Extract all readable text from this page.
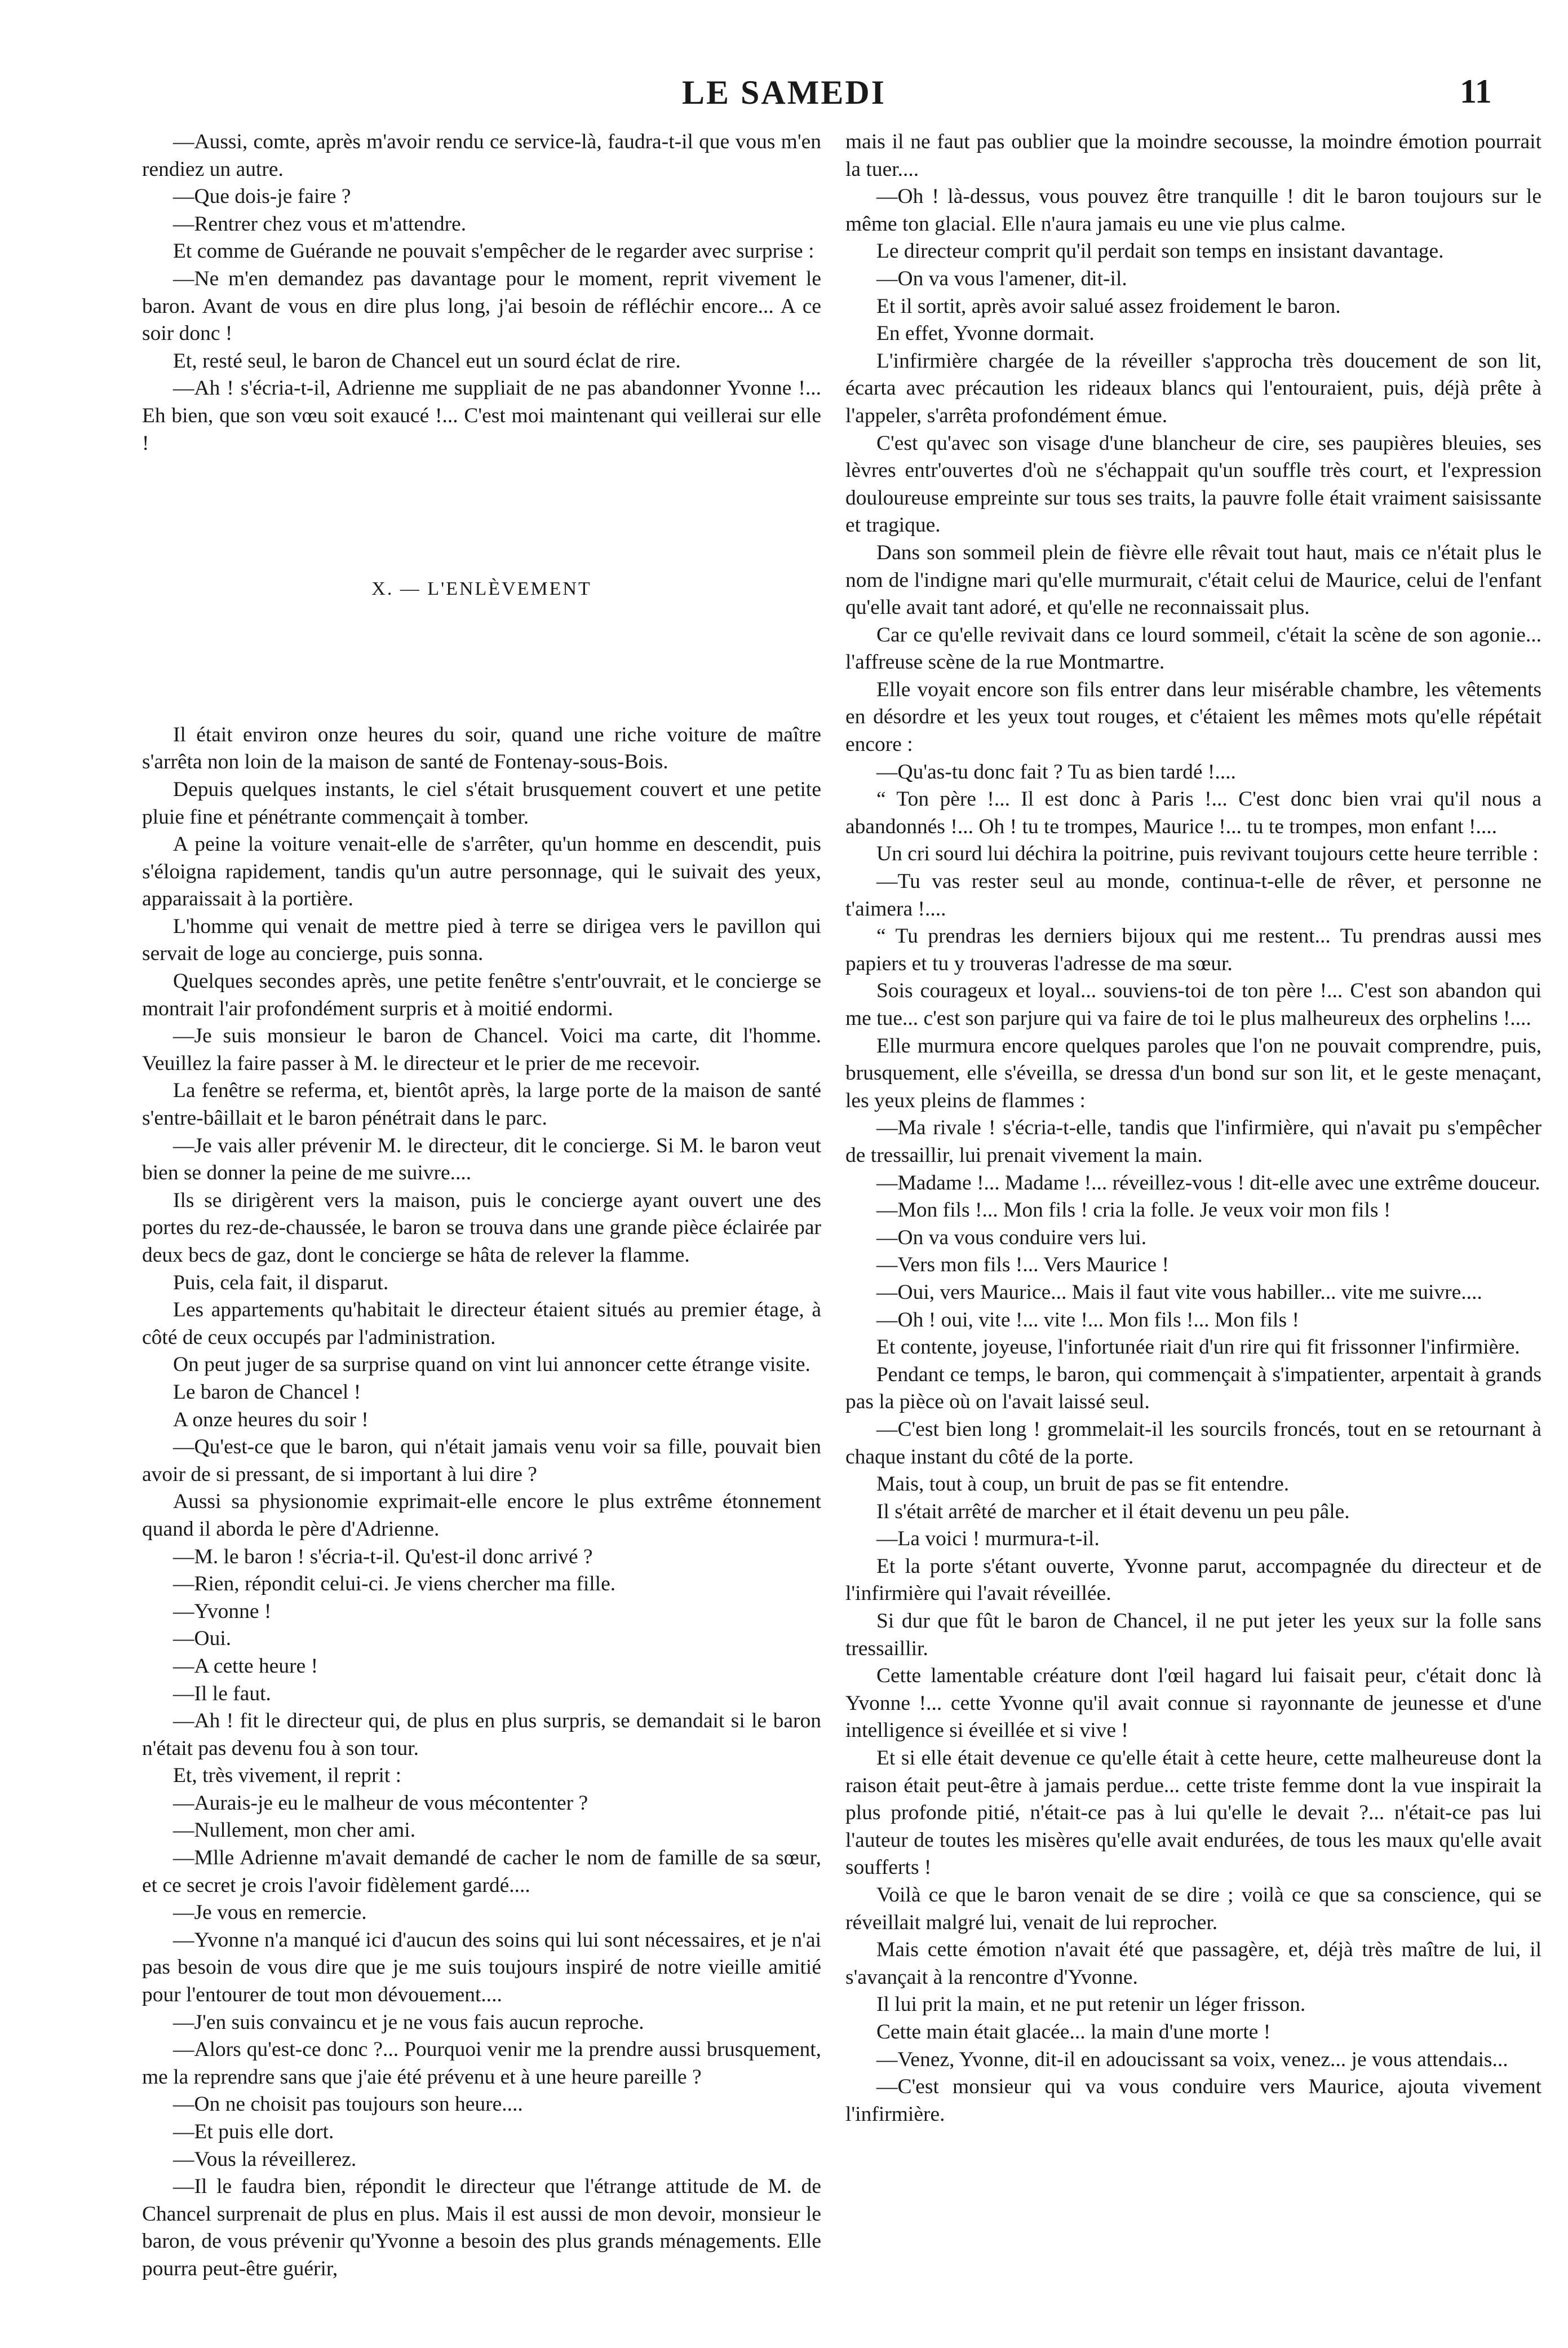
LE SAMEDI	11

—Aussi, comte, après m'avoir rendu ce service-là, faudra-t-il que vous m'en rendiez un autre.

—Que dois-je faire ?

—Rentrer chez vous et m'attendre.

Et comme de Guérande ne pouvait s'empêcher de le regarder avec surprise :

—Ne m'en demandez pas davantage pour le moment, reprit vivement le baron. Avant de vous en dire plus long, j'ai besoin de réfléchir encore... A ce soir donc !

Et, resté seul, le baron de Chancel eut un sourd éclat de rire.

—Ah ! s'écria-t-il, Adrienne me suppliait de ne pas abandonner Yvonne !... Eh bien, que son vœu soit exaucé !... C'est moi maintenant qui veillerai sur elle !

X. — L'ENLÈVEMENT

Il était environ onze heures du soir, quand une riche voiture de maître s'arrêta non loin de la maison de santé de Fontenay-sous-Bois.

Depuis quelques instants, le ciel s'était brusquement couvert et une petite pluie fine et pénétrante commençait à tomber.

A peine la voiture venait-elle de s'arrêter, qu'un homme en descendit, puis s'éloigna rapidement, tandis qu'un autre personnage, qui le suivait des yeux, apparaissait à la portière.

L'homme qui venait de mettre pied à terre se dirigea vers le pavillon qui servait de loge au concierge, puis sonna.

Quelques secondes après, une petite fenêtre s'entr'ouvrait, et le concierge se montrait l'air profondément surpris et à moitié endormi.

—Je suis monsieur le baron de Chancel. Voici ma carte, dit l'homme. Veuillez la faire passer à M. le directeur et le prier de me recevoir.

La fenêtre se referma, et, bientôt après, la large porte de la maison de santé s'entre-bâillait et le baron pénétrait dans le parc.

—Je vais aller prévenir M. le directeur, dit le concierge. Si M. le baron veut bien se donner la peine de me suivre....

Ils se dirigèrent vers la maison, puis le concierge ayant ouvert une des portes du rez-de-chaussée, le baron se trouva dans une grande pièce éclairée par deux becs de gaz, dont le concierge se hâta de relever la flamme.

Puis, cela fait, il disparut.

Les appartements qu'habitait le directeur étaient situés au premier étage, à côté de ceux occupés par l'administration.

On peut juger de sa surprise quand on vint lui annoncer cette étrange visite.

Le baron de Chancel !

A onze heures du soir !

—Qu'est-ce que le baron, qui n'était jamais venu voir sa fille, pouvait bien avoir de si pressant, de si important à lui dire ?

Aussi sa physionomie exprimait-elle encore le plus extrême étonnement quand il aborda le père d'Adrienne.

—M. le baron ! s'écria-t-il. Qu'est-il donc arrivé ?

—Rien, répondit celui-ci. Je viens chercher ma fille.

—Yvonne !

—Oui.

—A cette heure !

—Il le faut.

—Ah ! fit le directeur qui, de plus en plus surpris, se demandait si le baron n'était pas devenu fou à son tour.

Et, très vivement, il reprit :

—Aurais-je eu le malheur de vous mécontenter ?

—Nullement, mon cher ami.

—Mlle Adrienne m'avait demandé de cacher le nom de famille de sa sœur, et ce secret je crois l'avoir fidèlement gardé....

—Je vous en remercie.

—Yvonne n'a manqué ici d'aucun des soins qui lui sont nécessaires, et je n'ai pas besoin de vous dire que je me suis toujours inspiré de notre vieille amitié pour l'entourer de tout mon dévouement....

—J'en suis convaincu et je ne vous fais aucun reproche.

—Alors qu'est-ce donc ?... Pourquoi venir me la prendre aussi brusquement, me la reprendre sans que j'aie été prévenu et à une heure pareille ?

—On ne choisit pas toujours son heure....

—Et puis elle dort.

—Vous la réveillerez.

—Il le faudra bien, répondit le directeur que l'étrange attitude de M. de Chancel surprenait de plus en plus. Mais il est aussi de mon devoir, monsieur le baron, de vous prévenir qu'Yvonne a besoin des plus grands ménagements. Elle pourra peut-être guérir,

mais il ne faut pas oublier que la moindre secousse, la moindre émotion pourrait la tuer....

—Oh ! là-dessus, vous pouvez être tranquille ! dit le baron toujours sur le même ton glacial. Elle n'aura jamais eu une vie plus calme.

Le directeur comprit qu'il perdait son temps en insistant davantage.

—On va vous l'amener, dit-il.

Et il sortit, après avoir salué assez froidement le baron.

En effet, Yvonne dormait.

L'infirmière chargée de la réveiller s'approcha très doucement de son lit, écarta avec précaution les rideaux blancs qui l'entouraient, puis, déjà prête à l'appeler, s'arrêta profondément émue.

C'est qu'avec son visage d'une blancheur de cire, ses paupières bleuies, ses lèvres entr'ouvertes d'où ne s'échappait qu'un souffle très court, et l'expression douloureuse empreinte sur tous ses traits, la pauvre folle était vraiment saisissante et tragique.

Dans son sommeil plein de fièvre elle rêvait tout haut, mais ce n'était plus le nom de l'indigne mari qu'elle murmurait, c'était celui de Maurice, celui de l'enfant qu'elle avait tant adoré, et qu'elle ne reconnaissait plus.

Car ce qu'elle revivait dans ce lourd sommeil, c'était la scène de son agonie... l'affreuse scène de la rue Montmartre.

Elle voyait encore son fils entrer dans leur misérable chambre, les vêtements en désordre et les yeux tout rouges, et c'étaient les mêmes mots qu'elle répétait encore :

—Qu'as-tu donc fait ? Tu as bien tardé !....

“ Ton père !... Il est donc à Paris !... C'est donc bien vrai qu'il nous a abandonnés !... Oh ! tu te trompes, Maurice !... tu te trompes, mon enfant !....

Un cri sourd lui déchira la poitrine, puis revivant toujours cette heure terrible :

—Tu vas rester seul au monde, continua-t-elle de rêver, et personne ne t'aimera !....

“ Tu prendras les derniers bijoux qui me restent... Tu prendras aussi mes papiers et tu y trouveras l'adresse de ma sœur.

Sois courageux et loyal... souviens-toi de ton père !... C'est son abandon qui me tue... c'est son parjure qui va faire de toi le plus malheureux des orphelins !....

Elle murmura encore quelques paroles que l'on ne pouvait comprendre, puis, brusquement, elle s'éveilla, se dressa d'un bond sur son lit, et le geste menaçant, les yeux pleins de flammes :

—Ma rivale ! s'écria-t-elle, tandis que l'infirmière, qui n'avait pu s'empêcher de tressaillir, lui prenait vivement la main.

—Madame !... Madame !... réveillez-vous ! dit-elle avec une extrême douceur.

—Mon fils !... Mon fils ! cria la folle. Je veux voir mon fils !

—On va vous conduire vers lui.

—Vers mon fils !... Vers Maurice !

—Oui, vers Maurice... Mais il faut vite vous habiller... vite me suivre....

—Oh ! oui, vite !... vite !... Mon fils !... Mon fils !

Et contente, joyeuse, l'infortunée riait d'un rire qui fit frissonner l'infirmière.

Pendant ce temps, le baron, qui commençait à s'impatienter, arpentait à grands pas la pièce où on l'avait laissé seul.

—C'est bien long ! grommelait-il les sourcils froncés, tout en se retournant à chaque instant du côté de la porte.

Mais, tout à coup, un bruit de pas se fit entendre.

Il s'était arrêté de marcher et il était devenu un peu pâle.

—La voici ! murmura-t-il.

Et la porte s'étant ouverte, Yvonne parut, accompagnée du directeur et de l'infirmière qui l'avait réveillée.

Si dur que fût le baron de Chancel, il ne put jeter les yeux sur la folle sans tressaillir.

Cette lamentable créature dont l'œil hagard lui faisait peur, c'était donc là Yvonne !... cette Yvonne qu'il avait connue si rayonnante de jeunesse et d'une intelligence si éveillée et si vive !

Et si elle était devenue ce qu'elle était à cette heure, cette malheureuse dont la raison était peut-être à jamais perdue... cette triste femme dont la vue inspirait la plus profonde pitié, n'était-ce pas à lui qu'elle le devait ?... n'était-ce pas lui l'auteur de toutes les misères qu'elle avait endurées, de tous les maux qu'elle avait soufferts !

Voilà ce que le baron venait de se dire ; voilà ce que sa conscience, qui se réveillait malgré lui, venait de lui reprocher.

Mais cette émotion n'avait été que passagère, et, déjà très maître de lui, il s'avançait à la rencontre d'Yvonne.

Il lui prit la main, et ne put retenir un léger frisson.

Cette main était glacée... la main d'une morte !

—Venez, Yvonne, dit-il en adoucissant sa voix, venez... je vous attendais...

—C'est monsieur qui va vous conduire vers Maurice, ajouta vivement l'infirmière.
